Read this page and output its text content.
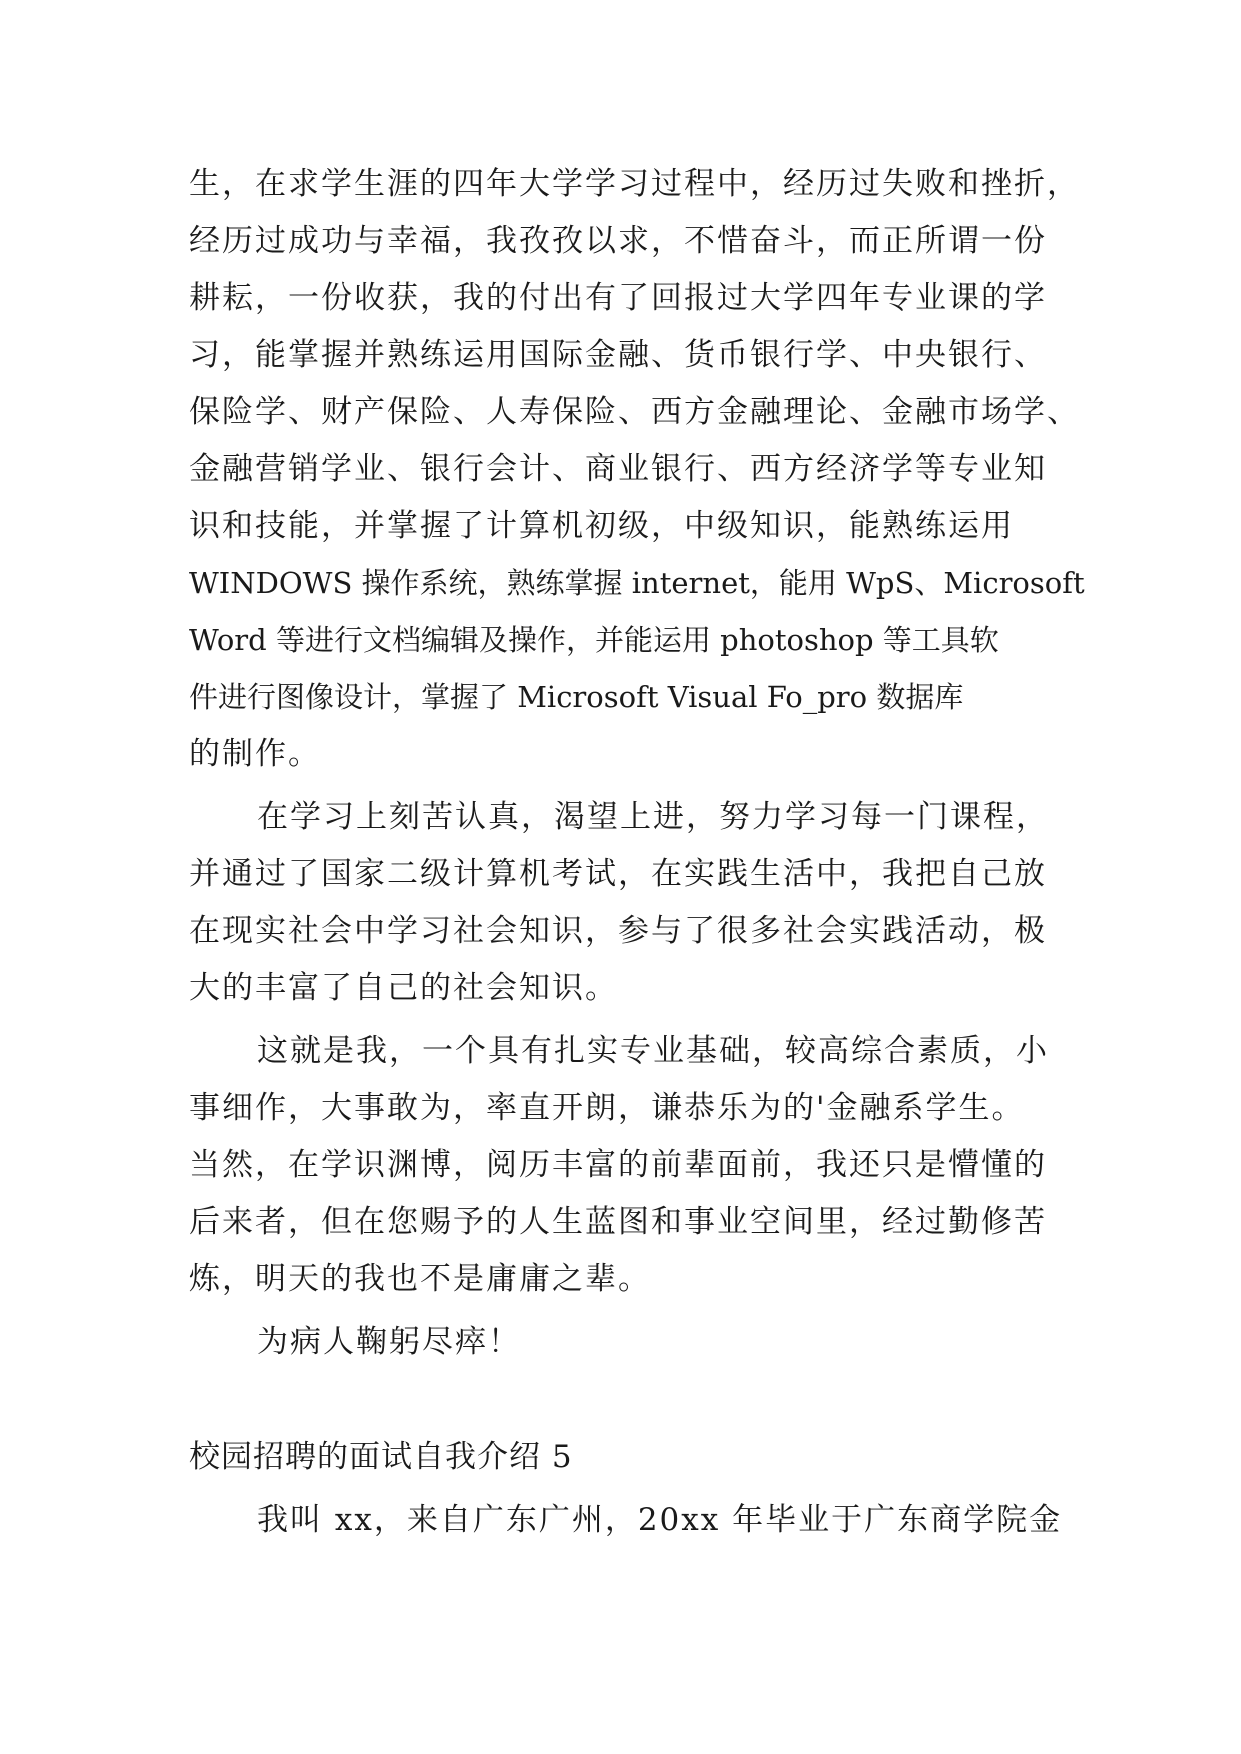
生，在求学生涯的四年大学学习过程中，经历过失败和挫折，
经历过成功与幸福，我孜孜以求，不惜奋斗，而正所谓一份
耕耘，一份收获，我的付出有了回报过大学四年专业课的学
习，能掌握并熟练运用国际金融、货币银行学、中央银行、
保险学、财产保险、人寿保险、西方金融理论、金融市场学、
金融营销学业、银行会计、商业银行、西方经济学等专业知
识和技能，并掌握了计算机初级，中级知识，能熟练运用
WINDOWS 操作系统，熟练掌握 internet，能用 WpS、Microsoft
Word 等进行文档编辑及操作，并能运用 photoshop 等工具软
件进行图像设计，掌握了 Microsoft Visual Fo_pro 数据库
的制作。
在学习上刻苦认真，渴望上进，努力学习每一门课程，
并通过了国家二级计算机考试，在实践生活中，我把自己放
在现实社会中学习社会知识，参与了很多社会实践活动，极
大的丰富了自己的社会知识。
这就是我，一个具有扎实专业基础，较高综合素质，小
事细作，大事敢为，率直开朗，谦恭乐为的'金融系学生。
当然，在学识渊博，阅历丰富的前辈面前，我还只是懵懂的
后来者，但在您赐予的人生蓝图和事业空间里，经过勤修苦
炼，明天的我也不是庸庸之辈。
为病人鞠躬尽瘁！
校园招聘的面试自我介绍 5
我叫 xx，来自广东广州，20xx 年毕业于广东商学院金
